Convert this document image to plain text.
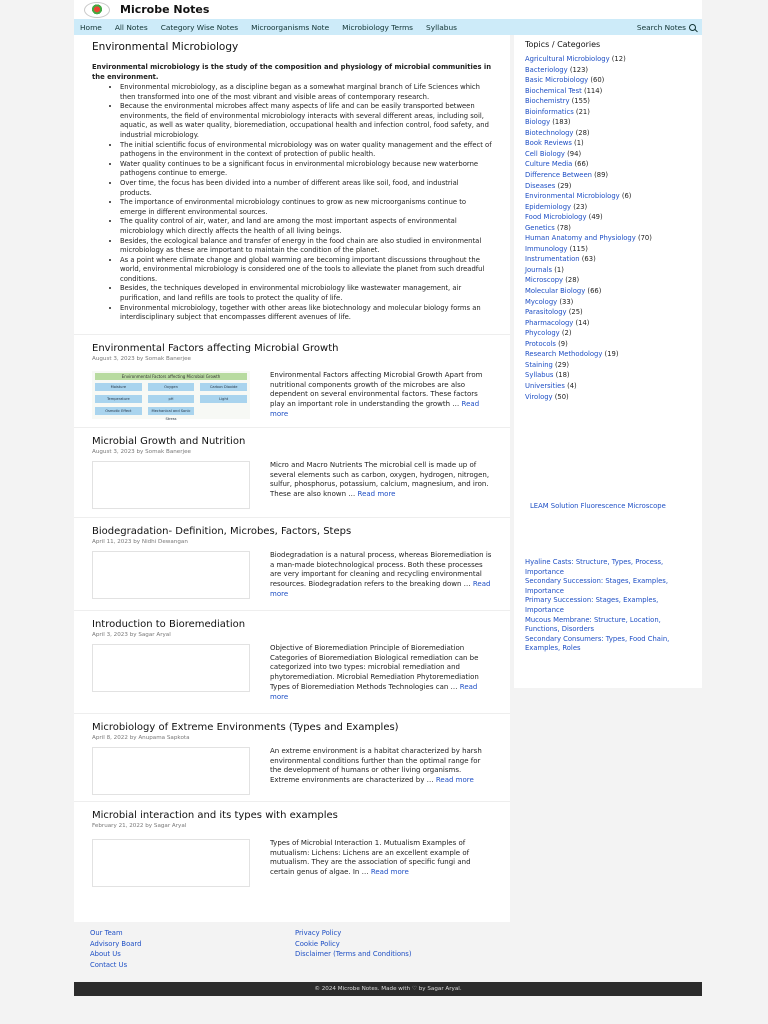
Microbe Notes
Home All Notes Category Wise Notes Microorganisms Note Microbiology Terms Syllabus	Search Notes
Environmental Microbiology

Environmental microbiology is the study of the composition and physiology of microbial communities in the environment.

• Environmental microbiology, as a discipline began as a somewhat marginal branch of Life Sciences which then transformed into one of the most vibrant and visible areas of contemporary research.
• Because the environmental microbes affect many aspects of life and can be easily transported between environments, the field of environmental microbiology interacts with several different areas, including soil, aquatic, as well as water quality, bioremediation, occupational health and infection control, food safety, and industrial microbiology.
• The initial scientific focus of environmental microbiology was on water quality management and the effect of pathogens in the environment in the context of protection of public health.
• Water quality continues to be a significant focus in environmental microbiology because new waterborne pathogens continue to emerge.
• Over time, the focus has been divided into a number of different areas like soil, food, and industrial products.
• The importance of environmental microbiology continues to grow as new microorganisms continue to emerge in different environmental sources.
• The quality control of air, water, and land are among the most important aspects of environmental microbiology which directly affects the health of all living beings.
• Besides, the ecological balance and transfer of energy in the food chain are also studied in environmental microbiology as these are important to maintain the condition of the planet.
• As a point where climate change and global warming are becoming important discussions throughout the world, environmental microbiology is considered one of the tools to alleviate the planet from such dreadful conditions.
• Besides, the techniques developed in environmental microbiology like wastewater management, air purification, and land refills are tools to protect the quality of life.
• Environmental microbiology, together with other areas like biotechnology and molecular biology forms an interdisciplinary subject that encompasses different avenues of life.
Environmental Factors affecting Microbial Growth
August 3, 2023 by Somak Banerjee
Environmental Factors affecting Microbial Growth
Moisture	Oxygen	Carbon Dioxide
Temperature	pH	Light
Osmotic Effect	Mechanical and Sonic Stress
Environmental Factors affecting Microbial Growth Apart from nutritional components growth of the microbes are also dependent on several environmental factors. These factors play an important role in understanding the growth … Read more
Microbial Growth and Nutrition
August 3, 2023 by Somak Banerjee
Micro and Macro Nutrients The microbial cell is made up of several elements such as carbon, oxygen, hydrogen, nitrogen, sulfur, phosphorus, potassium, calcium, magnesium, and iron. These are also known … Read more
Biodegradation- Definition, Microbes, Factors, Steps
April 11, 2023 by Nidhi Dewangan
Biodegradation is a natural process, whereas Bioremediation is a man-made biotechnological process. Both these processes are very important for cleaning and recycling environmental resources. Biodegradation refers to the breaking down … Read more
Introduction to Bioremediation
April 3, 2023 by Sagar Aryal
Objective of Bioremediation Principle of Bioremediation Categories of Bioremediation Biological remediation can be categorized into two types: microbial remediation and phytoremediation. Microbial Remediation Phytoremediation Types of Bioremediation Methods Technologies can … Read more
Microbiology of Extreme Environments (Types and Examples)
April 8, 2022 by Anupama Sapkota
An extreme environment is a habitat characterized by harsh environmental conditions further than the optimal range for the development of humans or other living organisms. Extreme environments are characterized by … Read more
Microbial interaction and its types with examples
February 21, 2022 by Sagar Aryal
Types of Microbial Interaction 1. Mutualism Examples of mutualism: Lichens: Lichens are an excellent example of mutualism. They are the association of specific fungi and certain genus of algae. In … Read more
Topics / Categories
Agricultural Microbiology (12)
Bacteriology (123)
Basic Microbiology (60)
Biochemical Test (114)
Biochemistry (155)
Bioinformatics (21)
Biology (183)
Biotechnology (28)
Book Reviews (1)
Cell Biology (94)
Culture Media (66)
Difference Between (89)
Diseases (29)
Environmental Microbiology (6)
Epidemiology (23)
Food Microbiology (49)
Genetics (78)
Human Anatomy and Physiology (70)
Immunology (115)
Instrumentation (63)
Journals (1)
Microscopy (28)
Molecular Biology (66)
Mycology (33)
Parasitology (25)
Pharmacology (14)
Phycology (2)
Protocols (9)
Research Methodology (19)
Staining (29)
Syllabus (18)
Universities (4)
Virology (50)
LEAM Solution Fluorescence Microscope
Hyaline Casts: Structure, Types, Process, Importance
Secondary Succession: Stages, Examples, Importance
Primary Succession: Stages, Examples, Importance
Mucous Membrane: Structure, Location, Functions, Disorders
Secondary Consumers: Types, Food Chain, Examples, Roles
Our Team
Advisory Board
About Us
Contact Us
Privacy Policy
Cookie Policy
Disclaimer (Terms and Conditions)
© 2024 Microbe Notes. Made with ♡ by Sagar Aryal.
